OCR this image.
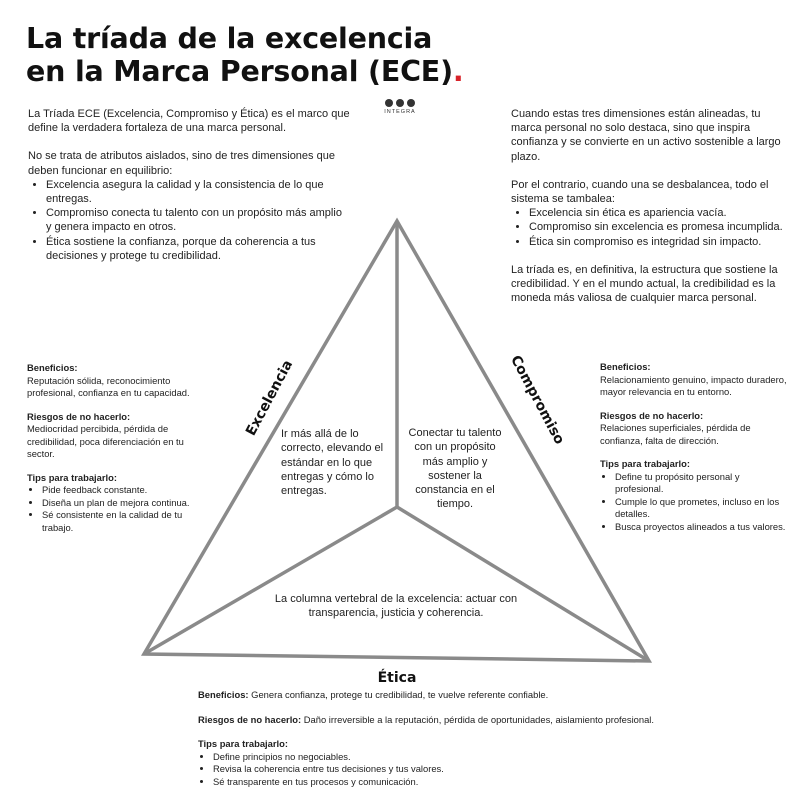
La tríada de la excelencia
en la Marca Personal (ECE).
INTEGRA

La Tríada ECE (Excelencia, Compromiso y Ética) es el marco que define la verdadera fortaleza de una marca personal.

No se trata de atributos aislados, sino de tres dimensiones que deben funcionar en equilibrio:

• Excelencia asegura la calidad y la consistencia de lo que entregas.
• Compromiso conecta tu talento con un propósito más amplio y genera impacto en otros.
• Ética sostiene la confianza, porque da coherencia a tus decisiones y protege tu credibilidad.

Cuando estas tres dimensiones están alineadas, tu marca personal no solo destaca, sino que inspira confianza y se convierte en un activo sostenible a largo plazo.

Por el contrario, cuando una se desbalancea, todo el sistema se tambalea:

• Excelencia sin ética es apariencia vacía.
• Compromiso sin excelencia es promesa incumplida.
• Ética sin compromiso es integridad sin impacto.

La tríada es, en definitiva, la estructura que sostiene la credibilidad. Y en el mundo actual, la credibilidad es la moneda más valiosa de cualquier marca personal.

Excelencia	Compromiso
Ir más allá de lo correcto, elevando el estándar en lo que entregas y cómo lo entregas.
Conectar tu talento con un propósito más amplio y sostener la constancia en el tiempo.
La columna vertebral de la excelencia: actuar con transparencia, justicia y coherencia.
Beneficios:
Reputación sólida, reconocimiento profesional, confianza en tu capacidad.
Riesgos de no hacerlo:
Mediocridad percibida, pérdida de credibilidad, poca diferenciación en tu sector.
Tips para trabajarlo:
• Pide feedback constante.
• Diseña un plan de mejora continua.
• Sé consistente en la calidad de tu trabajo.
Beneficios:
Relacionamiento genuino, impacto duradero, mayor relevancia en tu entorno.
Riesgos de no hacerlo:
Relaciones superficiales, pérdida de confianza, falta de dirección.
Tips para trabajarlo:
• Define tu propósito personal y profesional.
• Cumple lo que prometes, incluso en los detalles.
• Busca proyectos alineados a tus valores.
Ética
Beneficios: Genera confianza, protege tu credibilidad, te vuelve referente confiable.
Riesgos de no hacerlo: Daño irreversible a la reputación, pérdida de oportunidades, aislamiento profesional.
Tips para trabajarlo:
• Define principios no negociables.
• Revisa la coherencia entre tus decisiones y tus valores.
• Sé transparente en tus procesos y comunicación.
